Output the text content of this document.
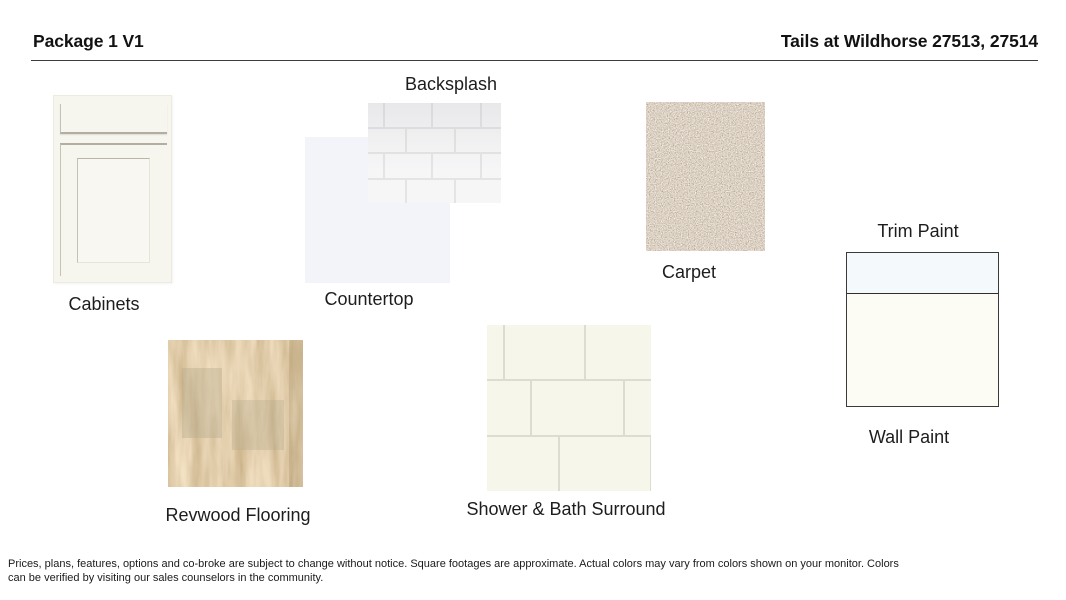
Package 1 V1	Tails at Wildhorse 27513, 27514
Cabinets	Countertop
Backsplash
Carpet
Trim Paint
Wall Paint
Revwood Flooring	Shower & Bath Surround
Prices, plans, features, options and co-broke are subject to change without notice. Square footages are approximate. Actual colors may vary from colors shown on your monitor. Colors
can be verified by visiting our sales counselors in the community.
